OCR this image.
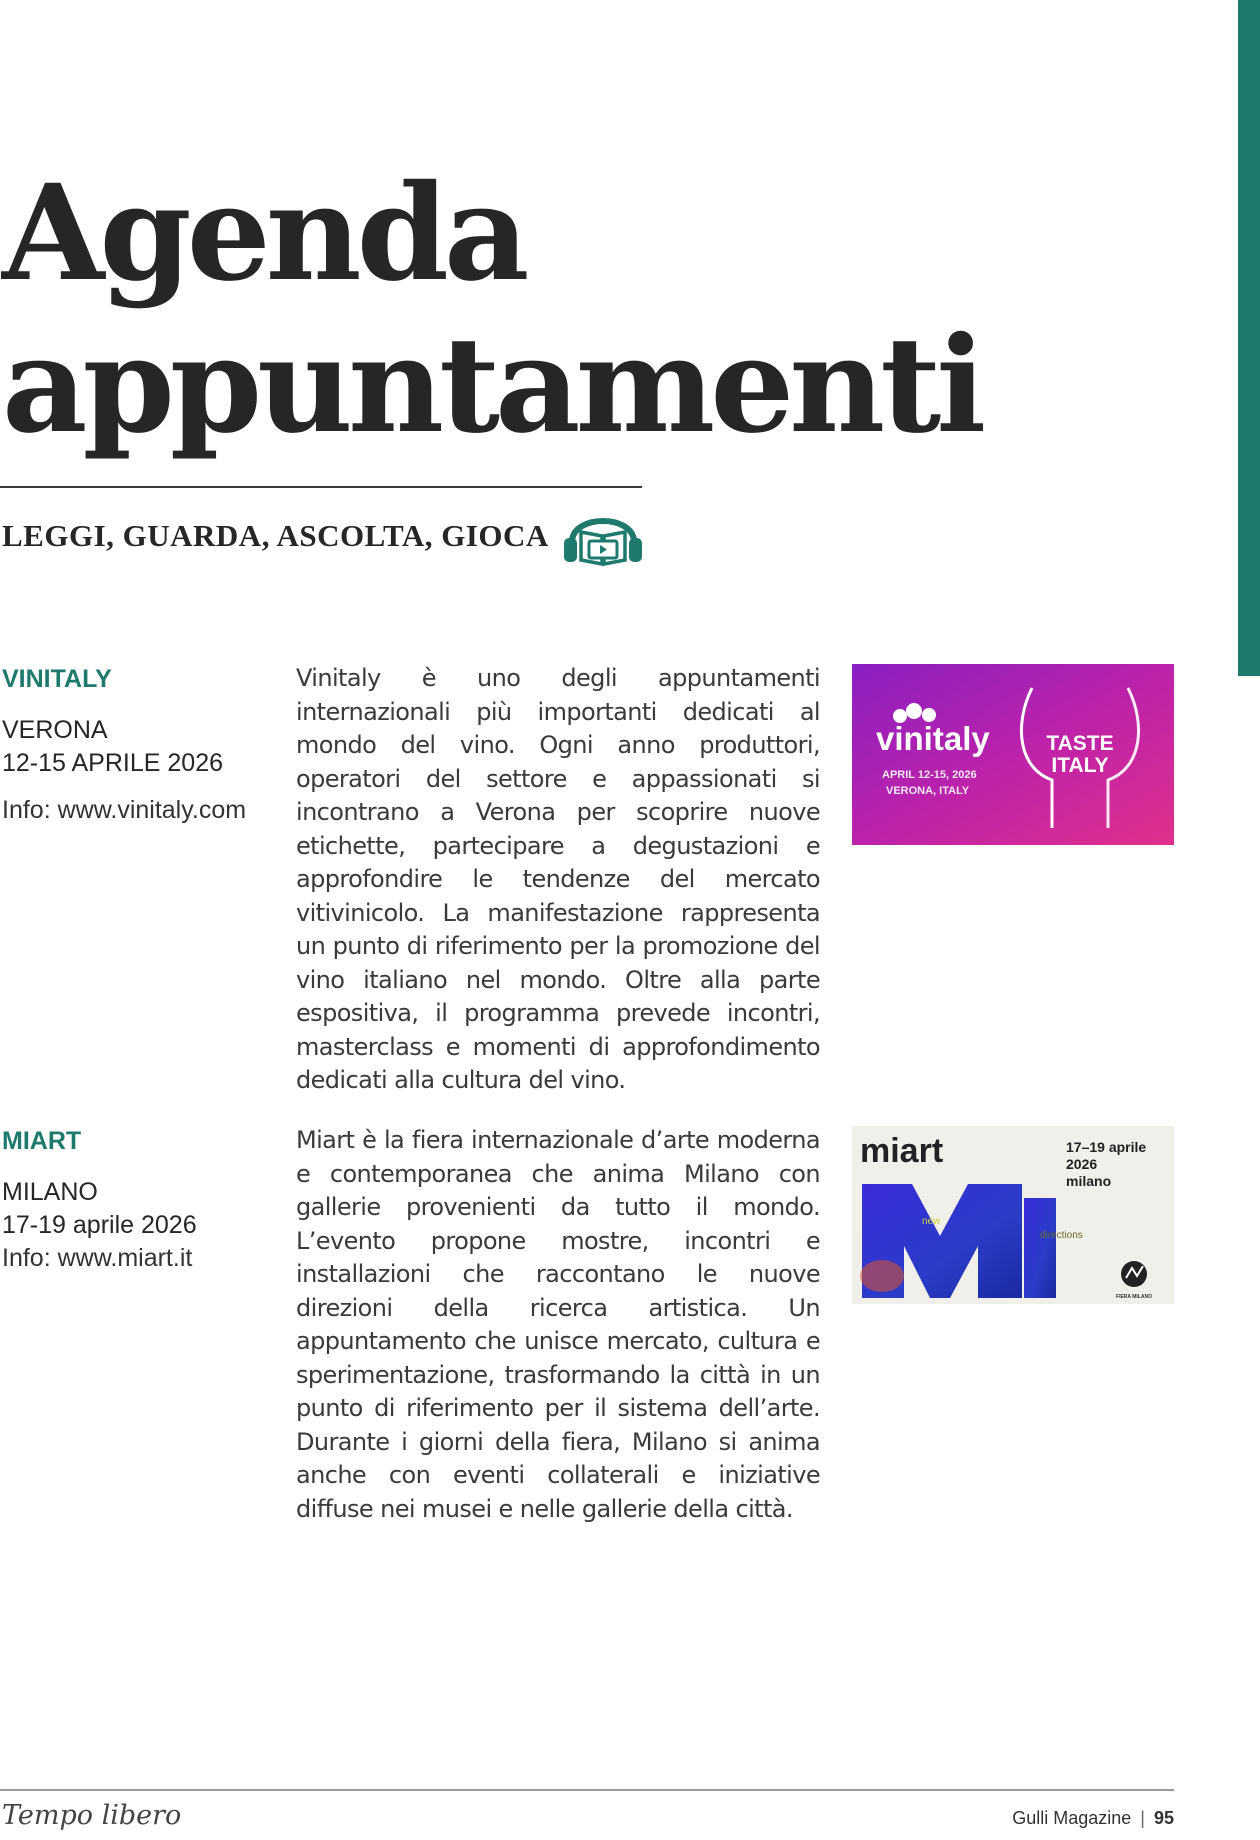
Agenda
appuntamenti
LEGGI, GUARDA, ASCOLTA, GIOCA
VINITALY
VERONA
12-15 APRILE 2026
Info: www.vinitaly.com

Vinitaly è uno degli appuntamenti internazionali più importanti dedicati al mondo del vino. Ogni anno produttori, operatori del settore e appassionati si incontrano a Verona per scoprire nuove etichette, partecipare a degustazioni e approfondire le tendenze del mercato vitivinicolo. La manifestazione rappresenta un punto di riferimento per la promozione del vino italiano nel mondo. Oltre alla parte espositiva, il programma prevede incontri, masterclass e momenti di approfondimento dedicati alla cultura del vino.

vinitaly
APRIL 12-15, 2026
VERONA, ITALY
TASTE
ITALY
MIART
MILANO
17-19 aprile 2026
Info: www.miart.it

Miart è la fiera internazionale d’arte moderna e contemporanea che anima Milano con gallerie provenienti da tutto il mondo. L’evento propone mostre, incontri e installazioni che raccontano le nuove direzioni della ricerca artistica. Un appuntamento che unisce mercato, cultura e sperimentazione, trasformando la città in un punto di riferimento per il sistema dell’arte. Durante i giorni della fiera, Milano si anima anche con eventi collaterali e iniziative diffuse nei musei e nelle gallerie della città.

miart	17–19 aprile
2026
milano
new
directions
FIERA MILANO
Tempo libero	Gulli Magazine | 95
